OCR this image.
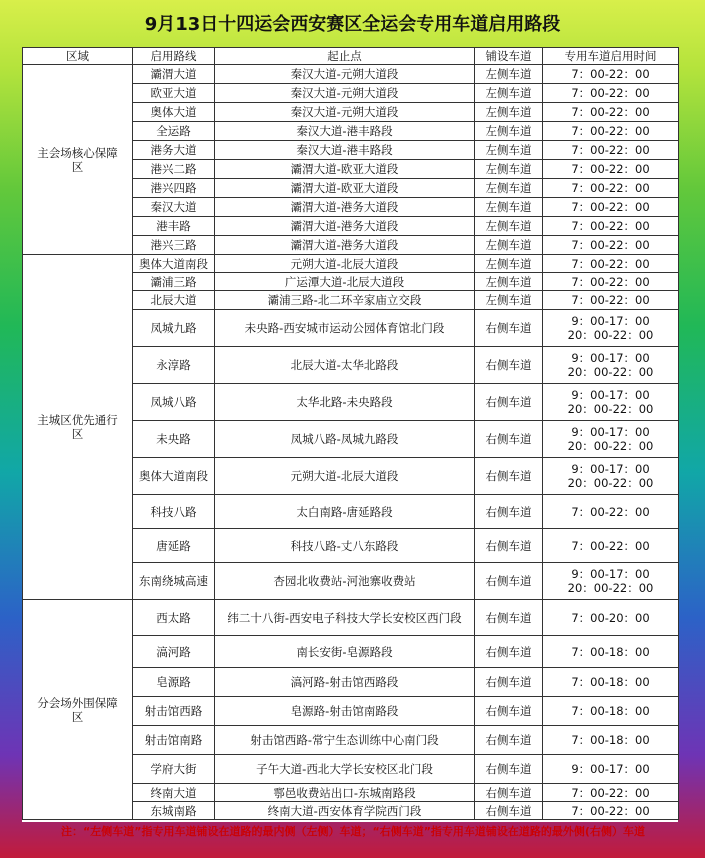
9月13日十四运会西安赛区全运会专用车道启用路段
区域	启用路线	起止点	铺设车道	专用车道启用时间
主会场核心保障区	灞渭大道	秦汉大道-元朔大道段	左侧车道	7：00-22：00
	欧亚大道	秦汉大道-元朔大道段	左侧车道	7：00-22：00
	奥体大道	秦汉大道-元朔大道段	左侧车道	7：00-22：00
	全运路	秦汉大道-港丰路段	左侧车道	7：00-22：00
	港务大道	秦汉大道-港丰路段	左侧车道	7：00-22：00
	港兴二路	灞渭大道-欧亚大道段	左侧车道	7：00-22：00
	港兴四路	灞渭大道-欧亚大道段	左侧车道	7：00-22：00
	秦汉大道	灞渭大道-港务大道段	左侧车道	7：00-22：00
	港丰路	灞渭大道-港务大道段	左侧车道	7：00-22：00
	港兴三路	灞渭大道-港务大道段	左侧车道	7：00-22：00
主城区优先通行区	奥体大道南段	元朔大道-北辰大道段	左侧车道	7：00-22：00
	灞浦三路	广运潭大道-北辰大道段	左侧车道	7：00-22：00
	北辰大道	灞浦三路-北二环辛家庙立交段	左侧车道	7：00-22：00
	凤城九路	未央路-西安城市运动公园体育馆北门段	右侧车道	9：00-17：00
20：00-22：00

	永淳路	北辰大道-太华北路段	右侧车道	9：00-17：00
20：00-22：00

	凤城八路	太华北路-未央路段	右侧车道	9：00-17：00
20：00-22：00

	未央路	凤城八路-凤城九路段	右侧车道	9：00-17：00
20：00-22：00

	奥体大道南段	元朔大道-北辰大道段	右侧车道	9：00-17：00
20：00-22：00

	科技八路	太白南路-唐延路段	右侧车道	7：00-22：00
	唐延路	科技八路-丈八东路段	右侧车道	7：00-22：00
	东南绕城高速	杏园北收费站-河池寨收费站	右侧车道	9：00-17：00
20：00-22：00

分会场外围保障区	西太路	纬二十八街-西安电子科技大学长安校区西门段	右侧车道	7：00-20：00
	滈河路	南长安街-皂源路段	右侧车道	7：00-18：00
	皂源路	滈河路-射击馆西路段	右侧车道	7：00-18：00
	射击馆西路	皂源路-射击馆南路段	右侧车道	7：00-18：00
	射击馆南路	射击馆西路-常宁生态训练中心南门段	右侧车道	7：00-18：00
	学府大街	子午大道-西北大学长安校区北门段	右侧车道	9：00-17：00
	终南大道	鄠邑收费站出口-东城南路段	右侧车道	7：00-22：00
	东城南路	终南大道-西安体育学院西门段	右侧车道	7：00-22：00
注：“左侧车道”指专用车道铺设在道路的最内侧（左侧）车道；“右侧车道”指专用车道铺设在道路的最外侧(右侧）车道
